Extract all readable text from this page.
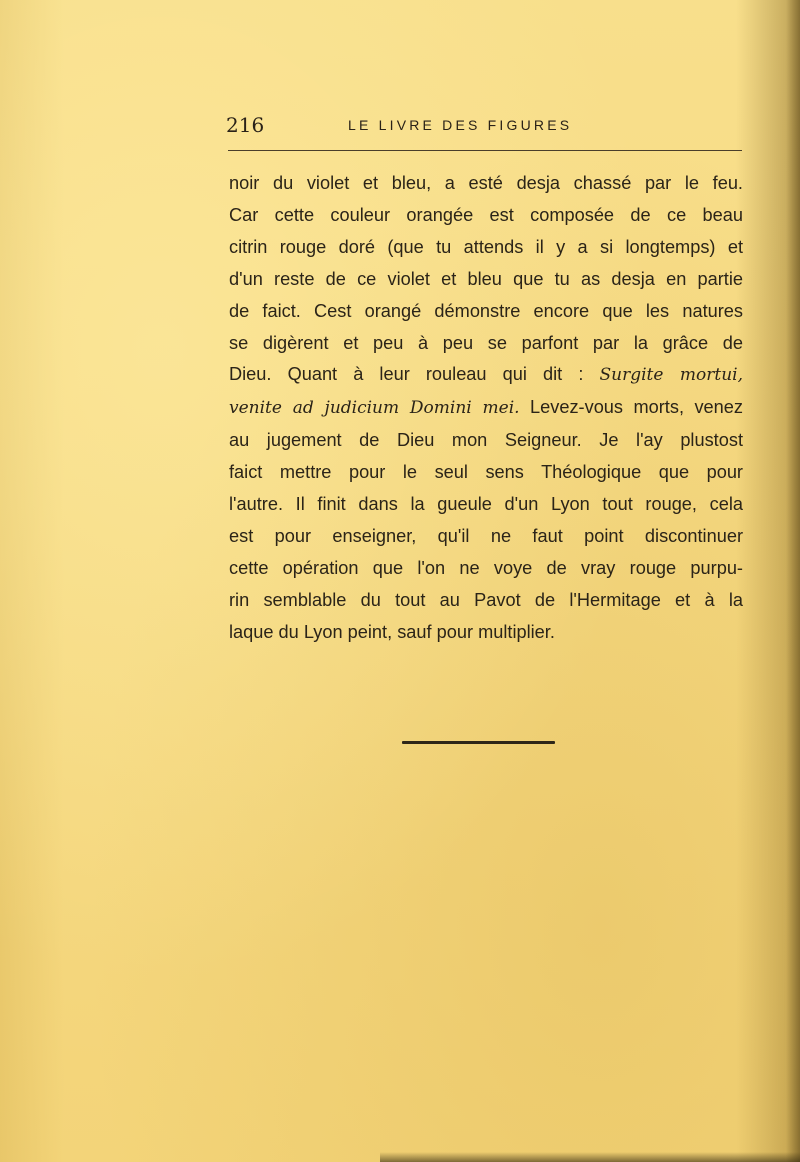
216	LE LIVRE DES FIGURES
noir du violet et bleu, a esté desja chassé par le feu.
Car cette couleur orangée est composée de ce beau
citrin rouge doré (que tu attends il y a si longtemps) et
d'un reste de ce violet et bleu que tu as desja en partie
de faict. Cest orangé démonstre encore que les natures
se digèrent et peu à peu se parfont par la grâce de
Dieu. Quant à leur rouleau qui dit : Surgite mortui,
venite ad judicium Domini mei. Levez-vous morts, venez
au jugement de Dieu mon Seigneur. Je l'ay plustost
faict mettre pour le seul sens Théologique que pour
l'autre. Il finit dans la gueule d'un Lyon tout rouge, cela
est pour enseigner, qu'il ne faut point discontinuer
cette opération que l'on ne voye de vray rouge purpu-
rin semblable du tout au Pavot de l'Hermitage et à la
laque du Lyon peint, sauf pour multiplier.
